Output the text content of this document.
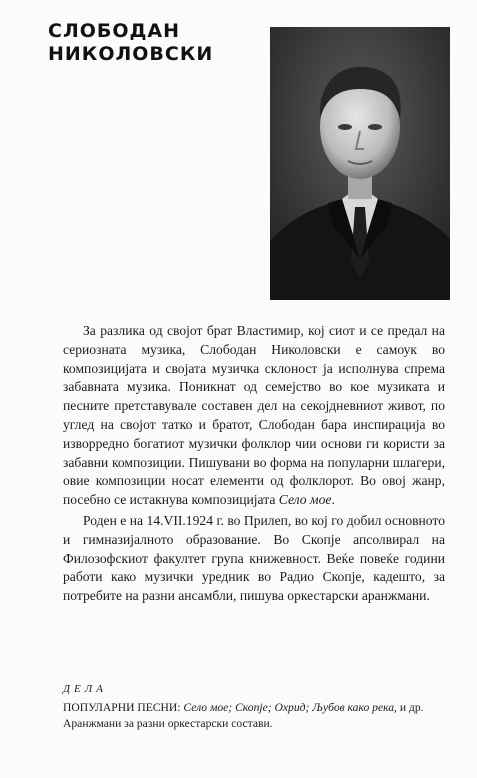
СЛОБОДАН
НИКОЛОВСКИ

За разлика од својот брат Властимир, кој сиот и се предал на сериозната музика, Слободан Николовски е самоук во композицијата и својата музичка склоност ја исполнува спрема забавната музика. Поникнат од семејство во кое музиката и песните претставувале составен дел на секојдневниот живот, по углед на својот татко и братот, Слободан бара инспирација во изворредно богатиот музички фолклор чии основи ги користи за забавни композиции. Пишувани во форма на популарни шлагери, овие композиции носат елементи од фолклорот. Во овој жанр, посебно се истакнува композицијата Село мое.

Роден е на 14.VII.1924 г. во Прилеп, во кој го добил основното и гимназијалното образование. Во Скопје апсолвирал на Филозофскиот факултет група книжевност. Веќе повеќе години работи како музички уредник во Радио Скопје, кадешто, за потребите на разни ансамбли, пишува оркестарски аранжмани.

ДЕЛА
ПОПУЛАРНИ ПЕСНИ: Село мое; Скопје; Охрид; Љубов како река, и др.
Аранжмани за разни оркестарски состави.
